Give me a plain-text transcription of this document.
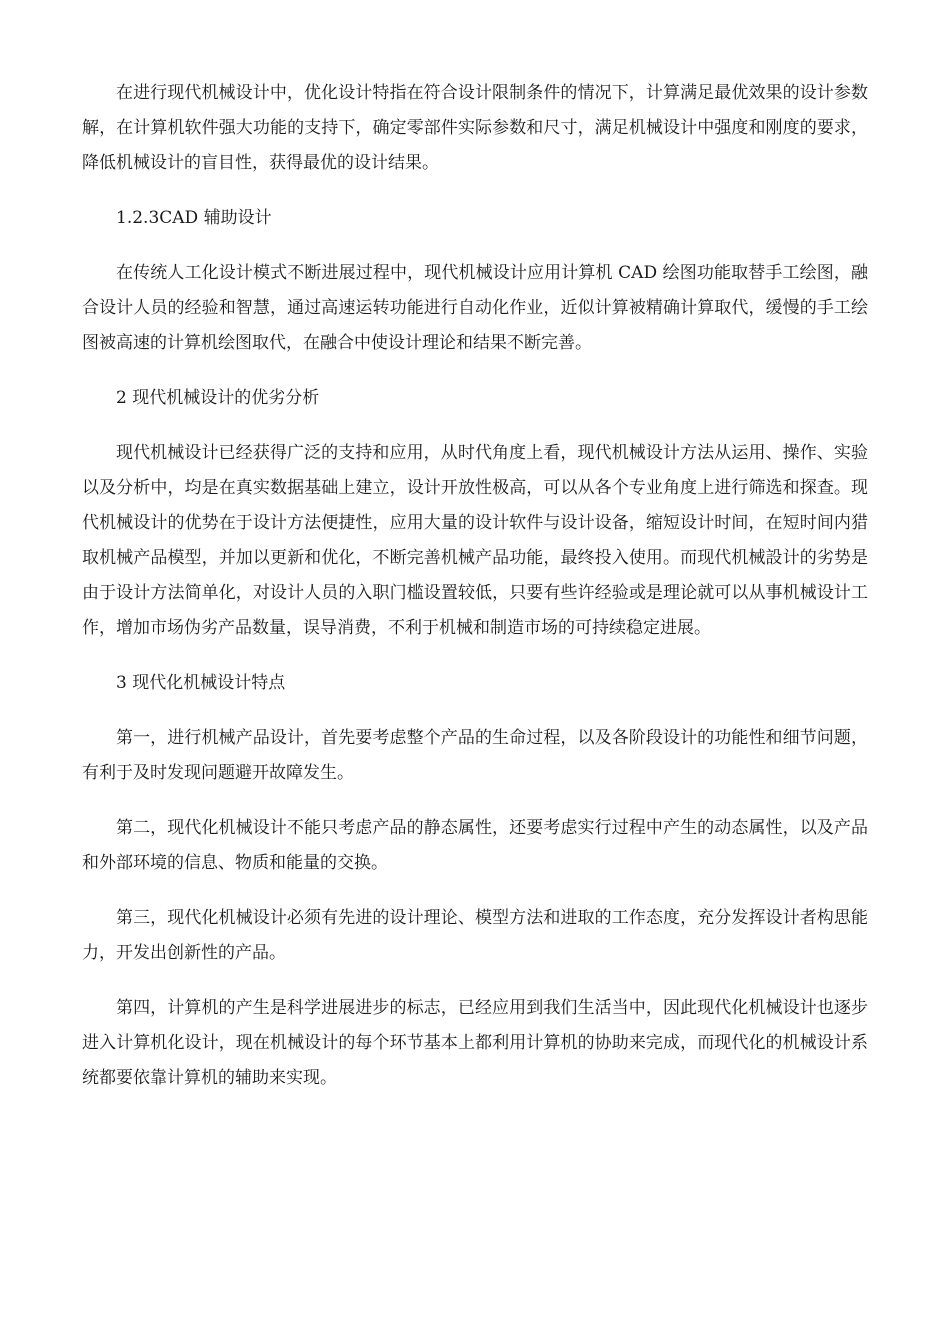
在进行现代机械设计中，优化设计特指在符合设计限制条件的情况下，计算满足最优效果的设计参数解，在计算机软件强大功能的支持下，确定零部件实际参数和尺寸，满足机械设计中强度和刚度的要求，降低机械设计的盲目性，获得最优的设计结果。

1.2.3CAD 辅助设计

在传统人工化设计模式不断进展过程中，现代机械设计应用计算机 CAD 绘图功能取替手工绘图，融合设计人员的经验和智慧，通过高速运转功能进行自动化作业，近似计算被精确计算取代，缓慢的手工绘图被高速的计算机绘图取代，在融合中使设计理论和结果不断完善。

2 现代机械设计的优劣分析

现代机械设计已经获得广泛的支持和应用，从时代角度上看，现代机械设计方法从运用、操作、实验以及分析中，均是在真实数据基础上建立，设计开放性极高，可以从各个专业角度上进行筛选和探查。现代机械设计的优势在于设计方法便捷性，应用大量的设计软件与设计设备，缩短设计时间，在短时间内猎取机械产品模型，并加以更新和优化，不断完善机械产品功能，最终投入使用。而现代机械設计的劣势是由于设计方法简单化，对设计人员的入职门槛设置较低，只要有些许经验或是理论就可以从事机械设计工作，增加市场伪劣产品数量，误导消费，不利于机械和制造市场的可持续稳定进展。

3 现代化机械设计特点

第一，进行机械产品设计，首先要考虑整个产品的生命过程，以及各阶段设计的功能性和细节问题，有利于及时发现问题避开故障发生。

第二，现代化机械设计不能只考虑产品的静态属性，还要考虑实行过程中产生的动态属性，以及产品和外部环境的信息、物质和能量的交换。

第三，现代化机械设计必须有先进的设计理论、模型方法和进取的工作态度，充分发挥设计者构思能力，开发出创新性的产品。

第四，计算机的产生是科学进展进步的标志，已经应用到我们生活当中，因此现代化机械设计也逐步进入计算机化设计，现在机械设计的每个环节基本上都利用计算机的协助来完成，而现代化的机械设计系统都要依靠计算机的辅助来实现。
